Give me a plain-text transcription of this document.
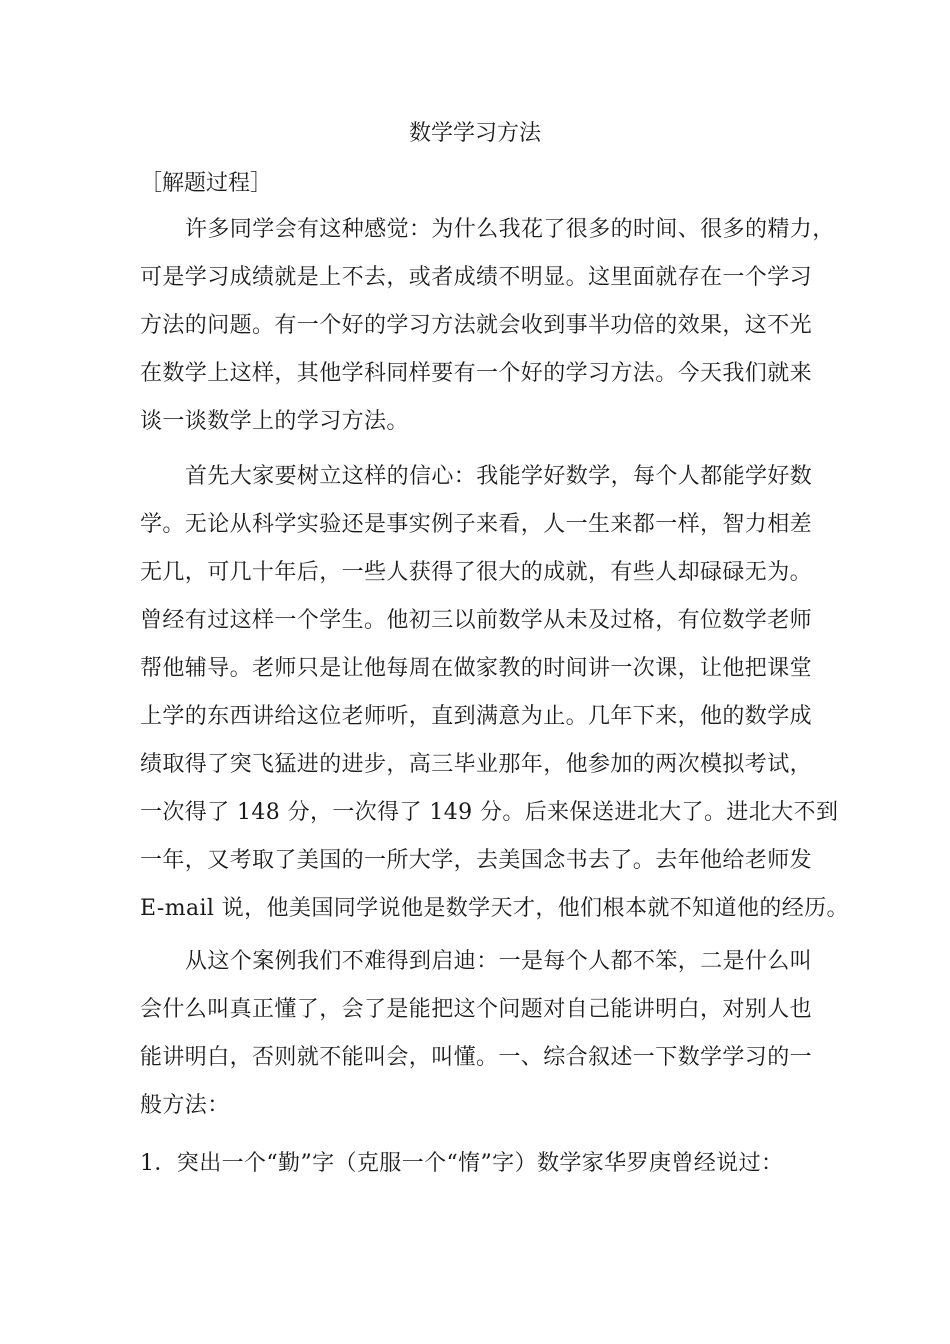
数学学习方法
［解题过程］
许多同学会有这种感觉：为什么我花了很多的时间、很多的精力，
可是学习成绩就是上不去，或者成绩不明显。这里面就存在一个学习
方法的问题。有一个好的学习方法就会收到事半功倍的效果，这不光
在数学上这样，其他学科同样要有一个好的学习方法。今天我们就来
谈一谈数学上的学习方法。
首先大家要树立这样的信心：我能学好数学，每个人都能学好数
学。无论从科学实验还是事实例子来看，人一生来都一样，智力相差
无几，可几十年后，一些人获得了很大的成就，有些人却碌碌无为。
曾经有过这样一个学生。他初三以前数学从未及过格，有位数学老师
帮他辅导。老师只是让他每周在做家教的时间讲一次课，让他把课堂
上学的东西讲给这位老师听，直到满意为止。几年下来，他的数学成
绩取得了突飞猛进的进步，高三毕业那年，他参加的两次模拟考试，
一次得了 148 分，一次得了 149 分。后来保送进北大了。进北大不到
一年，又考取了美国的一所大学，去美国念书去了。去年他给老师发
E-mail 说，他美国同学说他是数学天才，他们根本就不知道他的经历。
从这个案例我们不难得到启迪：一是每个人都不笨，二是什么叫
会什么叫真正懂了，会了是能把这个问题对自己能讲明白，对别人也
能讲明白，否则就不能叫会，叫懂。一、综合叙述一下数学学习的一
般方法：
1．突出一个“勤”字（克服一个“惰”字）数学家华罗庚曾经说过：
